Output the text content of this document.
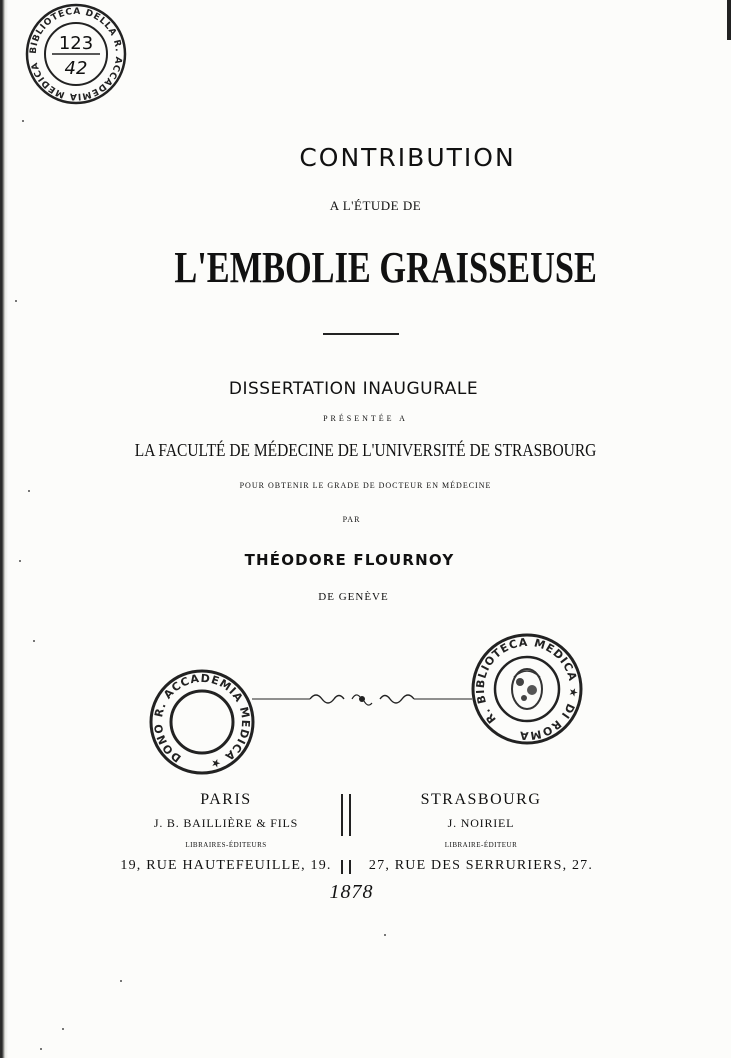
BIBLIOTECA DELLA R. ACCADEMIA MEDICA
123
42
CONTRIBUTION
A L'ÉTUDE DE
L'EMBOLIE GRAISSEUSE
DISSERTATION INAUGURALE
PRÉSENTÉE A
LA FACULTÉ DE MÉDECINE DE L'UNIVERSITÉ DE STRASBOURG
POUR OBTENIR LE GRADE DE DOCTEUR EN MÉDECINE
PAR
THÉODORE FLOURNOY
DE GENÈVE
DONO R. ACCADEMIA MEDICA ★
R. BIBLIOTECA MEDICA ★ DI ROMA
PARIS
J. B. BAILLIÈRE & FILS
LIBRAIRES-ÉDITEURS
19, RUE HAUTEFEUILLE, 19.
STRASBOURG
J. NOIRIEL
LIBRAIRE-ÉDITEUR
27, RUE DES SERRURIERS, 27.
1878
